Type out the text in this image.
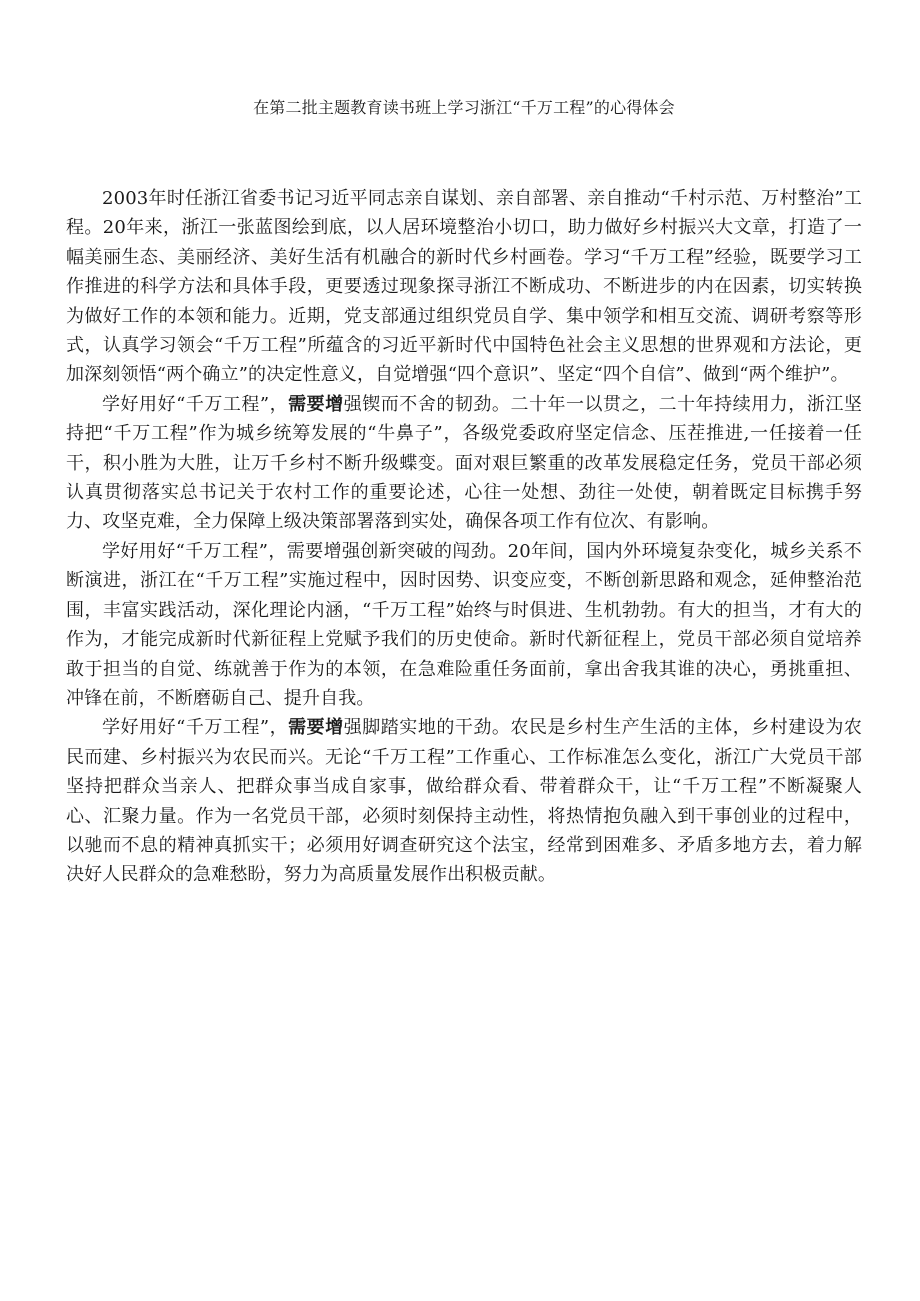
在第二批主题教育读书班上学习浙江“千万工程”的心得体会

2003年时任浙江省委书记习近平同志亲自谋划、亲自部署、亲自推动“千村示范、万村整治”工程。20年来，浙江一张蓝图绘到底，以人居环境整治小切口，助力做好乡村振兴大文章，打造了一幅美丽生态、美丽经济、美好生活有机融合的新时代乡村画卷。学习“千万工程”经验，既要学习工作推进的科学方法和具体手段，更要透过现象探寻浙江不断成功、不断进步的内在因素，切实转换为做好工作的本领和能力。近期，党支部通过组织党员自学、集中领学和相互交流、调研考察等形式，认真学习领会“千万工程”所蕴含的习近平新时代中国特色社会主义思想的世界观和方法论，更加深刻领悟“两个确立”的决定性意义，自觉增强“四个意识”、坚定“四个自信”、做到“两个维护”。

学好用好“千万工程”，需要增强锲而不舍的韧劲。二十年一以贯之，二十年持续用力，浙江坚持把“千万工程”作为城乡统筹发展的“牛鼻子”，各级党委政府坚定信念、压茬推进,一任接着一任干，积小胜为大胜，让万千乡村不断升级蝶变。面对艰巨繁重的改革发展稳定任务，党员干部必须认真贯彻落实总书记关于农村工作的重要论述，心往一处想、劲往一处使，朝着既定目标携手努力、攻坚克难，全力保障上级决策部署落到实处，确保各项工作有位次、有影响。

学好用好“千万工程”，需要增强创新突破的闯劲。20年间，国内外环境复杂变化，城乡关系不断演进，浙江在“千万工程”实施过程中，因时因势、识变应变，不断创新思路和观念，延伸整治范围，丰富实践活动，深化理论内涵，“千万工程”始终与时俱进、生机勃勃。有大的担当，才有大的作为，才能完成新时代新征程上党赋予我们的历史使命。新时代新征程上，党员干部必须自觉培养敢于担当的自觉、练就善于作为的本领，在急难险重任务面前，拿出舍我其谁的决心，勇挑重担、冲锋在前，不断磨砺自己、提升自我。

学好用好“千万工程”，需要增强脚踏实地的干劲。农民是乡村生产生活的主体，乡村建设为农民而建、乡村振兴为农民而兴。无论“千万工程”工作重心、工作标准怎么变化，浙江广大党员干部坚持把群众当亲人、把群众事当成自家事，做给群众看、带着群众干，让“千万工程”不断凝聚人心、汇聚力量。作为一名党员干部，必须时刻保持主动性，将热情抱负融入到干事创业的过程中，以驰而不息的精神真抓实干；必须用好调查研究这个法宝，经常到困难多、矛盾多地方去，着力解决好人民群众的急难愁盼，努力为高质量发展作出积极贡献。
